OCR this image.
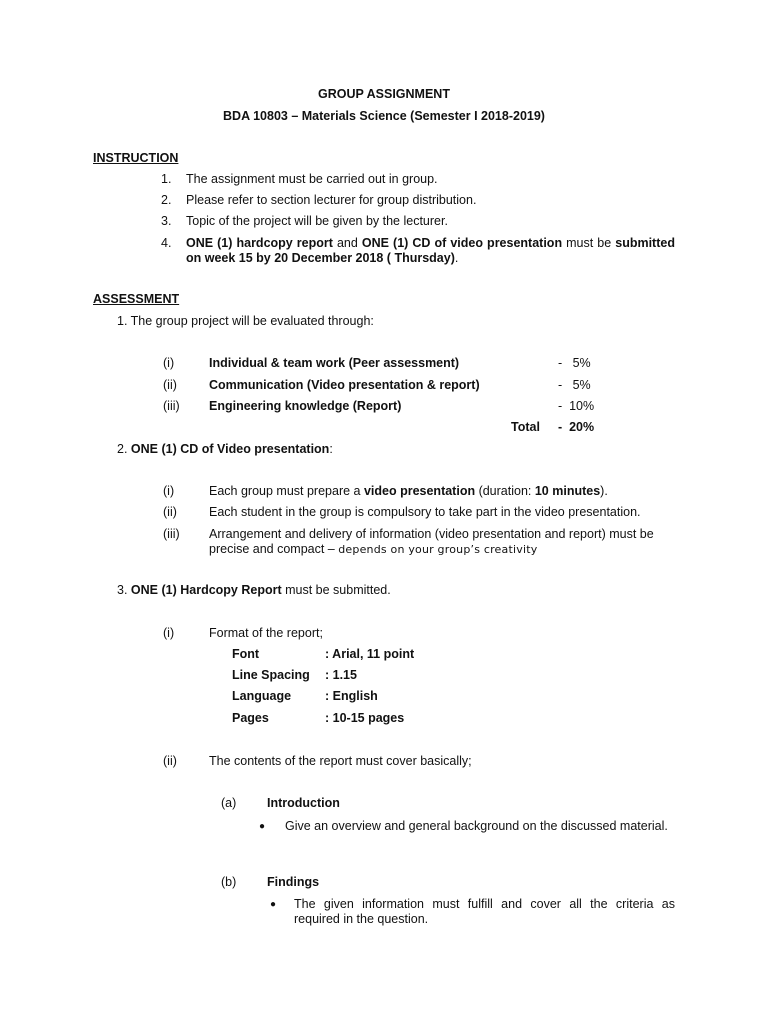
GROUP ASSIGNMENT
BDA 10803 – Materials Science (Semester I 2018-2019)
INSTRUCTION
1. The assignment must be carried out in group.
2. Please refer to section lecturer for group distribution.
3. Topic of the project will be given by the lecturer.
4. ONE (1) hardcopy report and ONE (1) CD of video presentation must be submitted on week 15 by 20 December 2018 ( Thursday).
ASSESSMENT
1. The group project will be evaluated through:
(i)	Individual & team work (Peer assessment)	-   5%
(ii)	Communication (Video presentation & report)	-   5%
(iii) Engineering knowledge (Report)	-  10%
Total -  20%
2. ONE (1) CD of Video presentation:
(i)	Each group must prepare a video presentation (duration: 10 minutes).
(ii)	Each student in the group is compulsory to take part in the video presentation.
(iii) Arrangement and delivery of information (video presentation and report) must be precise and compact – depends on your group’s creativity
3. ONE (1) Hardcopy Report must be submitted.
(i)	Format of the report;
Font	: Arial, 11 point
Line Spacing : 1.15
Language	: English
Pages	: 10-15 pages
(ii)	The contents of the report must cover basically;
(a) Introduction
● Give an overview and general background on the discussed material.
(b) Findings
● The given information must fulfill and cover all the criteria as required in the question.
